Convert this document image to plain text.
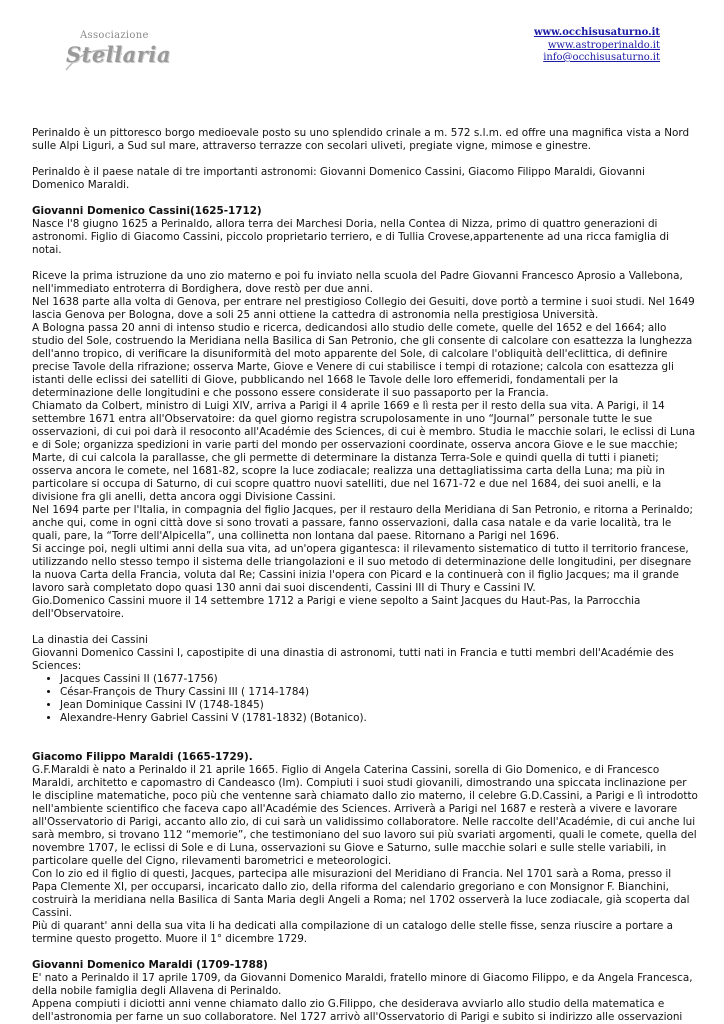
Associazione
Stellaria
www.occhisusaturno.it
www.astroperinaldo.it
info@occhisusaturno.it

Perinaldo è un pittoresco borgo medioevale posto su uno splendido crinale a m. 572 s.l.m. ed offre una magnifica vista a Nord sulle Alpi Liguri, a Sud sul mare, attraverso terrazze con secolari uliveti, pregiate vigne, mimose e ginestre.

Perinaldo è il paese natale di tre importanti astronomi: Giovanni Domenico Cassini, Giacomo Filippo Maraldi, Giovanni Domenico Maraldi.

Giovanni Domenico Cassini(1625-1712)

Nasce l'8 giugno 1625 a Perinaldo, allora terra dei Marchesi Doria, nella Contea di Nizza, primo di quattro generazioni di astronomi. Figlio di Giacomo Cassini, piccolo proprietario terriero, e di Tullia Crovese,appartenente ad una ricca famiglia di notai.

Riceve la prima istruzione da uno zio materno e poi fu inviato nella scuola del Padre Giovanni Francesco Aprosio a Vallebona, nell'immediato entroterra di Bordighera, dove restò per due anni.

Nel 1638 parte alla volta di Genova, per entrare nel prestigioso Collegio dei Gesuiti, dove portò a termine i suoi studi. Nel 1649 lascia Genova per Bologna, dove a soli 25 anni ottiene la cattedra di astronomia nella prestigiosa Università.

A Bologna passa 20 anni di intenso studio e ricerca, dedicandosi allo studio delle comete, quelle del 1652 e del 1664; allo studio del Sole, costruendo la Meridiana nella Basilica di San Petronio, che gli consente di calcolare con esattezza la lunghezza dell'anno tropico, di verificare la disuniformità del moto apparente del Sole, di calcolare l'obliquità dell'eclittica, di definire precise Tavole della rifrazione; osserva Marte, Giove e Venere di cui stabilisce i tempi di rotazione; calcola con esattezza gli istanti delle eclissi dei satelliti di Giove, pubblicando nel 1668 le Tavole delle loro effemeridi, fondamentali per la determinazione delle longitudini e che possono essere considerate il suo passaporto per la Francia.

Chiamato da Colbert, ministro di Luigi XIV, arriva a Parigi il 4 aprile 1669 e lì resta per il resto della sua vita. A Parigi, il 14 settembre 1671 entra all'Observatoire: da quel giorno registra scrupolosamente in uno “Journal” personale tutte le sue osservazioni, di cui poi darà il resoconto all'Académie des Sciences, di cui è membro. Studia le macchie solari, le eclissi di Luna e di Sole; organizza spedizioni in varie parti del mondo per osservazioni coordinate, osserva ancora Giove e le sue macchie; Marte, di cui calcola la parallasse, che gli permette di determinare la distanza Terra-Sole e quindi quella di tutti i pianeti; osserva ancora le comete, nel 1681-82, scopre la luce zodiacale; realizza una dettagliatissima carta della Luna; ma più in particolare si occupa di Saturno, di cui scopre quattro nuovi satelliti, due nel 1671-72 e due nel 1684, dei suoi anelli, e la divisione fra gli anelli, detta ancora oggi Divisione Cassini.

Nel 1694 parte per l'Italia, in compagnia del figlio Jacques, per il restauro della Meridiana di San Petronio, e ritorna a Perinaldo; anche qui, come in ogni città dove si sono trovati a passare, fanno osservazioni, dalla casa natale e da varie località, tra le quali, pare, la “Torre dell'Alpicella”, una collinetta non lontana dal paese. Ritornano a Parigi nel 1696.

Si accinge poi, negli ultimi anni della sua vita, ad un'opera gigantesca: il rilevamento sistematico di tutto il territorio francese, utilizzando nello stesso tempo il sistema delle triangolazioni e il suo metodo di determinazione delle longitudini, per disegnare la nuova Carta della Francia, voluta dal Re; Cassini inizia l'opera con Picard e la continuerà con il figlio Jacques; ma il grande lavoro sarà completato dopo quasi 130 anni dai suoi discendenti, Cassini III di Thury e Cassini IV.

Gio.Domenico Cassini muore il 14 settembre 1712 a Parigi e viene sepolto a Saint Jacques du Haut-Pas, la Parrocchia dell'Observatoire.

La dinastia dei Cassini

Giovanni Domenico Cassini I, capostipite di una dinastia di astronomi, tutti nati in Francia e tutti membri dell'Académie des Sciences:

• Jacques Cassini II (1677-1756)
• César-François de Thury Cassini III ( 1714-1784)
• Jean Dominique Cassini IV (1748-1845)
• Alexandre-Henry Gabriel Cassini V (1781-1832) (Botanico).
Giacomo Filippo Maraldi (1665-1729).

G.F.Maraldi è nato a Perinaldo il 21 aprile 1665. Figlio di Angela Caterina Cassini, sorella di Gio Domenico, e di Francesco Maraldi, architetto e capomastro di Candeasco (Im). Compiuti i suoi studi giovanili, dimostrando una spiccata inclinazione per le discipline matematiche, poco più che ventenne sarà chiamato dallo zio materno, il celebre G.D.Cassini, a Parigi e lì introdotto nell'ambiente scientifico che faceva capo all'Académie des Sciences. Arriverà a Parigi nel 1687 e resterà a vivere e lavorare all'Osservatorio di Parigi, accanto allo zio, di cui sarà un validissimo collaboratore. Nelle raccolte dell'Académie, di cui anche lui sarà membro, si trovano 112 “memorie”, che testimoniano del suo lavoro sui più svariati argomenti, quali le comete, quella del novembre 1707, le eclissi di Sole e di Luna, osservazioni su Giove e Saturno, sulle macchie solari e sulle stelle variabili, in particolare quelle del Cigno, rilevamenti barometrici e meteorologici.

Con lo zio ed il figlio di questi, Jacques, partecipa alle misurazioni del Meridiano di Francia. Nel 1701 sarà a Roma, presso il Papa Clemente XI, per occuparsi, incaricato dallo zio, della riforma del calendario gregoriano e con Monsignor F. Bianchini, costruirà la meridiana nella Basilica di Santa Maria degli Angeli a Roma; nel 1702 osserverà la luce zodiacale, già scoperta dal Cassini.

Più di quarant' anni della sua vita li ha dedicati alla compilazione di un catalogo delle stelle fisse, senza riuscire a portare a termine questo progetto. Muore il 1° dicembre 1729.

Giovanni Domenico Maraldi (1709-1788)

E' nato a Perinaldo il 17 aprile 1709, da Giovanni Domenico Maraldi, fratello minore di Giacomo Filippo, e da Angela Francesca, della nobile famiglia degli Allavena di Perinaldo.

Appena compiuti i diciotti anni venne chiamato dallo zio G.Filippo, che desiderava avviarlo allo studio della matematica e dell'astronomia per farne un suo collaboratore. Nel 1727 arrivò all'Osservatorio di Parigi e subito si indirizzo alle osservazioni
